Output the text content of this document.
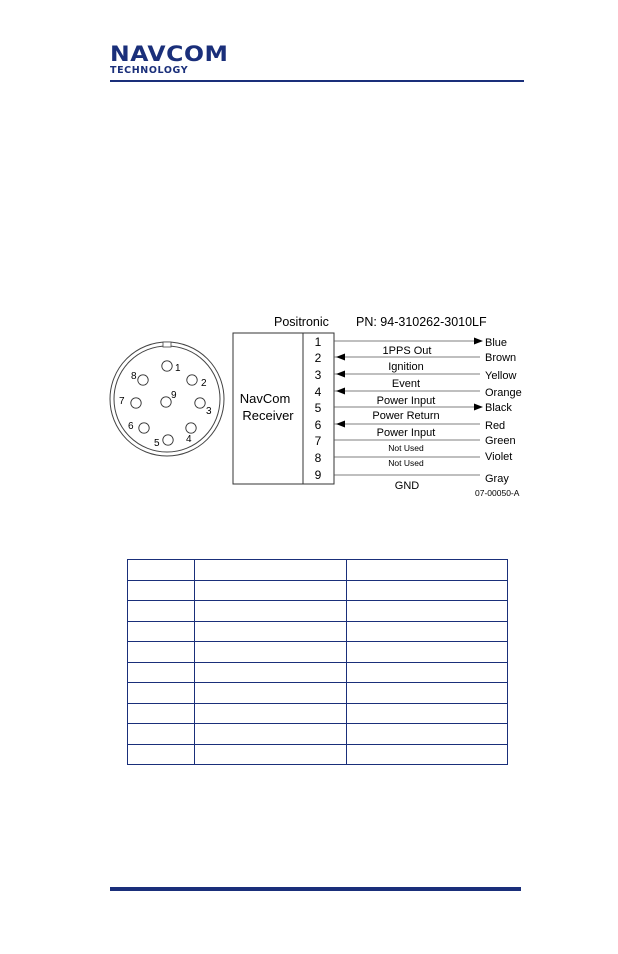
NAVCOM
TECHNOLOGY
1
2
3
4
5
6
7
8
9
Positronic PN: 94-310262-3010LF
NavCom
Receiver
1
2
3
4
5
6
7
8
9
1PPS Out
Ignition
Event
Power Input
Power Return
Power Input
Not Used
Not Used
GND
Blue
Brown
Yellow
Orange
Black
Red
Green
Violet
Gray
07-00050-A
